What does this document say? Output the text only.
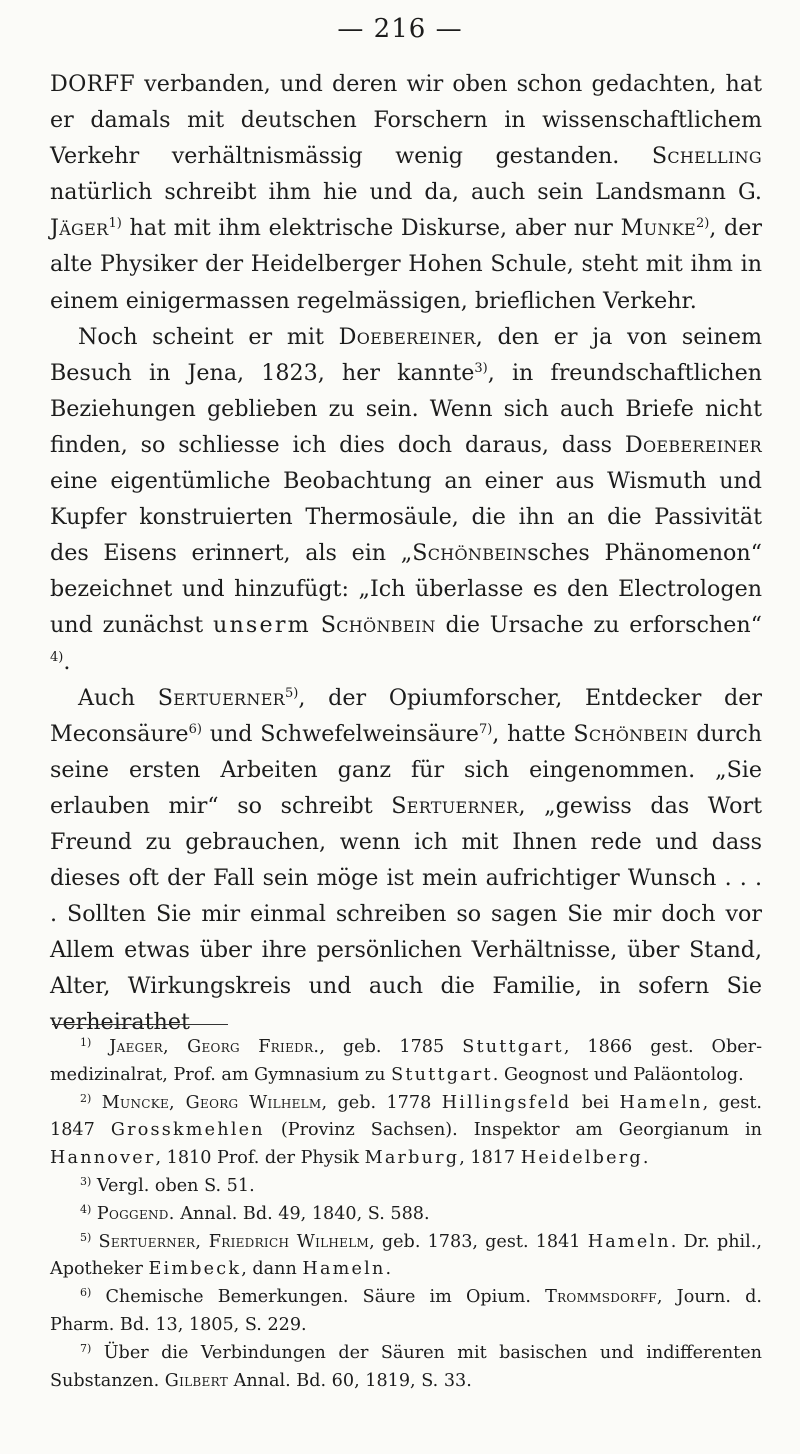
— 216 —

DORFF verbanden, und deren wir oben schon gedachten, hat er damals mit deutschen Forschern in wissenschaftlichem Verkehr verhältnismässig wenig gestanden. Schelling natürlich schreibt ihm hie und da, auch sein Landsmann G. Jäger$^{1)}$ hat mit ihm elektrische Diskurse, aber nur Munke$^{2)}$, der alte Physiker der Heidelberger Hohen Schule, steht mit ihm in einem einigermassen regelmässigen, brieflichen Verkehr.

Noch scheint er mit Doebereiner, den er ja von seinem Besuch in Jena, 1823, her kannte$^{3)}$, in freundschaftlichen Beziehungen geblieben zu sein. Wenn sich auch Briefe nicht finden, so schliesse ich dies doch daraus, dass Doebereiner eine eigentümliche Beobachtung an einer aus Wismuth und Kupfer konstruierten Thermosäule, die ihn an die Passivität des Eisens erinnert, als ein „Schönbeinsches Phänomenon“ bezeichnet und hinzufügt: „Ich überlasse es den Electrologen und zunächst unserm Schönbein die Ursache zu erforschen“ $^{4)}$.

Auch Sertuerner$^{5)}$, der Opiumforscher, Entdecker der Meconsäure$^{6)}$ und Schwefelweinsäure$^{7)}$, hatte Schönbein durch seine ersten Arbeiten ganz für sich eingenommen. „Sie erlauben mir“ so schreibt Sertuerner, „gewiss das Wort Freund zu gebrauchen, wenn ich mit Ihnen rede und dass dieses oft der Fall sein möge ist mein aufrichtiger Wunsch . . . . Sollten Sie mir einmal schreiben so sagen Sie mir doch vor Allem etwas über ihre persönlichen Verhältnisse, über Stand, Alter, Wirkungskreis und auch die Familie, in sofern Sie verheirathet

$^{1)}$ Jaeger, Georg Friedr., geb. 1785 Stuttgart, 1866 gest. Ober-medizinalrat, Prof. am Gymnasium zu Stuttgart. Geognost und Paläontolog.

$^{2)}$ Muncke, Georg Wilhelm, geb. 1778 Hillingsfeld bei Hameln, gest. 1847 Grosskmehlen (Provinz Sachsen). Inspektor am Georgianum in Hannover, 1810 Prof. der Physik Marburg, 1817 Heidelberg.

$^{3)}$ Vergl. oben S. 51.

$^{4)}$ Poggend. Annal. Bd. 49, 1840, S. 588.

$^{5)}$ Sertuerner, Friedrich Wilhelm, geb. 1783, gest. 1841 Hameln. Dr. phil., Apotheker Eimbeck, dann Hameln.

$^{6)}$ Chemische Bemerkungen. Säure im Opium. Trommsdorff, Journ. d. Pharm. Bd. 13, 1805, S. 229.

$^{7)}$ Über die Verbindungen der Säuren mit basischen und indifferenten Substanzen. Gilbert Annal. Bd. 60, 1819, S. 33.
